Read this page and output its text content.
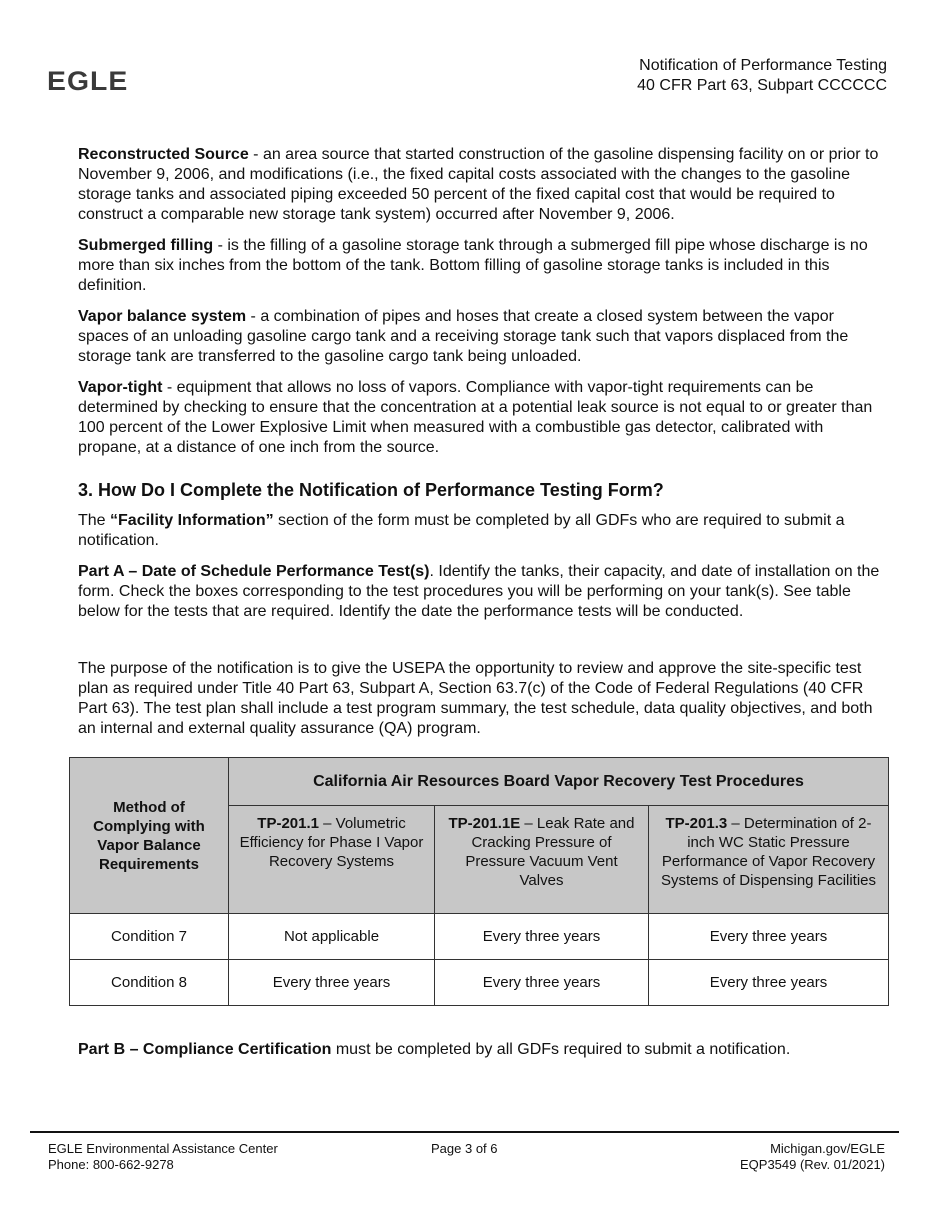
EGLE
Notification of Performance Testing
40 CFR Part 63, Subpart CCCCCC

Reconstructed Source - an area source that started construction of the gasoline dispensing facility on or prior to November 9, 2006, and modifications (i.e., the fixed capital costs associated with the changes to the gasoline storage tanks and associated piping exceeded 50 percent of the fixed capital cost that would be required to construct a comparable new storage tank system) occurred after November 9, 2006.

Submerged filling - is the filling of a gasoline storage tank through a submerged fill pipe whose discharge is no more than six inches from the bottom of the tank. Bottom filling of gasoline storage tanks is included in this definition.

Vapor balance system - a combination of pipes and hoses that create a closed system between the vapor spaces of an unloading gasoline cargo tank and a receiving storage tank such that vapors displaced from the storage tank are transferred to the gasoline cargo tank being unloaded.

Vapor-tight - equipment that allows no loss of vapors. Compliance with vapor-tight requirements can be determined by checking to ensure that the concentration at a potential leak source is not equal to or greater than 100 percent of the Lower Explosive Limit when measured with a combustible gas detector, calibrated with propane, at a distance of one inch from the source.

3. How Do I Complete the Notification of Performance Testing Form?

The “Facility Information” section of the form must be completed by all GDFs who are required to submit a notification.

Part A – Date of Schedule Performance Test(s). Identify the tanks, their capacity, and date of installation on the form. Check the boxes corresponding to the test procedures you will be performing on your tank(s). See table below for the tests that are required. Identify the date the performance tests will be conducted.

The purpose of the notification is to give the USEPA the opportunity to review and approve the site-specific test plan as required under Title 40 Part 63, Subpart A, Section 63.7(c) of the Code of Federal Regulations (40 CFR Part 63). The test plan shall include a test program summary, the test schedule, data quality objectives, and both an internal and external quality assurance (QA) program.

Method of Complying with Vapor Balance Requirements	California Air Resources Board Vapor Recovery Test Procedures		
	TP-201.1 – Volumetric Efficiency for Phase I Vapor Recovery Systems	TP-201.1E – Leak Rate and Cracking Pressure of Pressure Vacuum Vent Valves	TP-201.3 – Determination of 2-inch WC Static Pressure Performance of Vapor Recovery Systems of Dispensing Facilities
Condition 7	Not applicable	Every three years	Every three years
Condition 8	Every three years	Every three years	Every three years

Part B – Compliance Certification must be completed by all GDFs required to submit a notification.

EGLE Environmental Assistance Center
Phone: 800-662-9278
Page 3 of 6	Michigan.gov/EGLE
EQP3549 (Rev. 01/2021)
